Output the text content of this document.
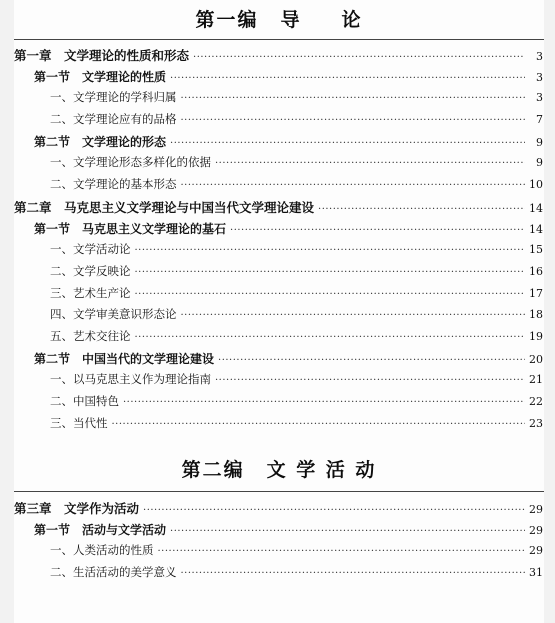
第一编 导 论
第一章　文学理论的性质和形态 ·····	3
第一节　文学理论的性质 ·····	3
一、文学理论的学科归属 ·····	3
二、文学理论应有的品格 ·····	7
第二节　文学理论的形态 ·····	9
一、文学理论形态多样化的依据 ·····	9
二、文学理论的基本形态 ·····	10
第二章　马克思主义文学理论与中国当代文学理论建设 ·····	14
第一节　马克思主义文学理论的基石 ·····	14
一、文学活动论 ·····	15
二、文学反映论 ·····	16
三、艺术生产论 ·····	17
四、文学审美意识形态论 ·····	18
五、艺术交往论 ·····	19
第二节　中国当代的文学理论建设 ·····	20
一、以马克思主义作为理论指南 ·····	21
二、中国特色 ·····	22
三、当代性 ·····	23
第二编 文 学 活 动
第三章　文学作为活动 ·····	29
第一节　活动与文学活动 ·····	29
一、人类活动的性质 ·····	29
二、生活活动的美学意义 ·····	31
